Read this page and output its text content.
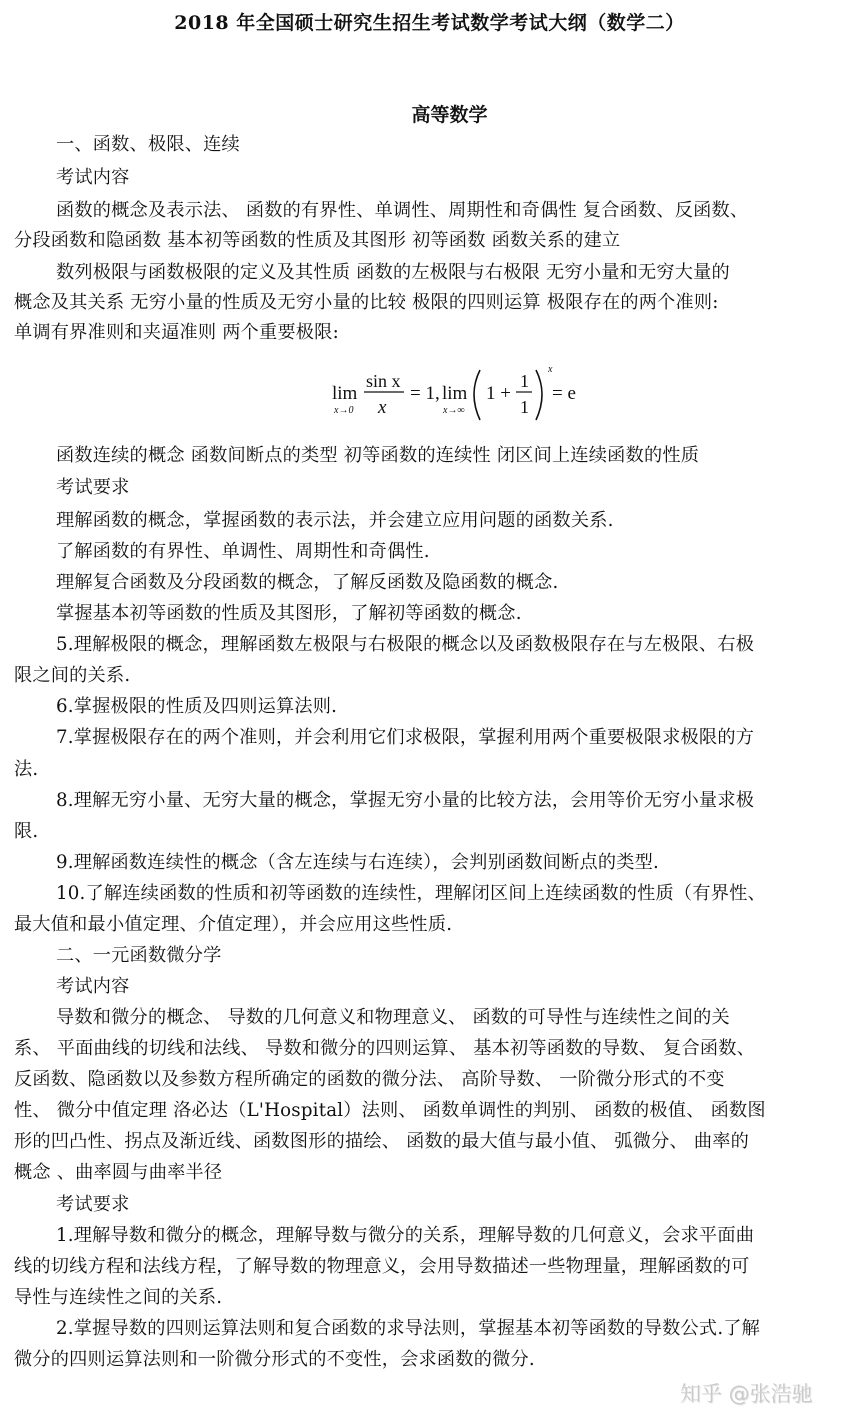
2018 年全国硕士研究生招生考试数学考试大纲（数学二）
高等数学
一、函数、极限、连续
考试内容
函数的概念及表示法、 函数的有界性、单调性、周期性和奇偶性 复合函数、反函数、
分段函数和隐函数 基本初等函数的性质及其图形 初等函数 函数关系的建立
数列极限与函数极限的定义及其性质 函数的左极限与右极限 无穷小量和无穷大量的
概念及其关系 无穷小量的性质及无穷小量的比较 极限的四则运算 极限存在的两个准则:
单调有界准则和夹逼准则 两个重要极限:
lim
x→0
sin x
x
= 1, lim
x→∞
1 +
1
1
x
= e
函数连续的概念 函数间断点的类型 初等函数的连续性 闭区间上连续函数的性质
考试要求
理解函数的概念，掌握函数的表示法，并会建立应用问题的函数关系.
了解函数的有界性、单调性、周期性和奇偶性.
理解复合函数及分段函数的概念，了解反函数及隐函数的概念.
掌握基本初等函数的性质及其图形，了解初等函数的概念.
5.理解极限的概念，理解函数左极限与右极限的概念以及函数极限存在与左极限、右极
限之间的关系.
6.掌握极限的性质及四则运算法则.
7.掌握极限存在的两个准则，并会利用它们求极限，掌握利用两个重要极限求极限的方
法.
8.理解无穷小量、无穷大量的概念，掌握无穷小量的比较方法，会用等价无穷小量求极
限.
9.理解函数连续性的概念（含左连续与右连续），会判别函数间断点的类型.
10.了解连续函数的性质和初等函数的连续性，理解闭区间上连续函数的性质（有界性、
最大值和最小值定理、介值定理），并会应用这些性质.
二、一元函数微分学
考试内容
导数和微分的概念、 导数的几何意义和物理意义、 函数的可导性与连续性之间的关
系、 平面曲线的切线和法线、 导数和微分的四则运算、 基本初等函数的导数、 复合函数、
反函数、隐函数以及参数方程所确定的函数的微分法、 高阶导数、 一阶微分形式的不变
性、 微分中值定理 洛必达（L'Hospital）法则、 函数单调性的判别、 函数的极值、 函数图
形的凹凸性、拐点及渐近线、函数图形的描绘、 函数的最大值与最小值、 弧微分、 曲率的
概念 、曲率圆与曲率半径
考试要求
1.理解导数和微分的概念，理解导数与微分的关系，理解导数的几何意义，会求平面曲
线的切线方程和法线方程，了解导数的物理意义，会用导数描述一些物理量，理解函数的可
导性与连续性之间的关系.
2.掌握导数的四则运算法则和复合函数的求导法则，掌握基本初等函数的导数公式.了解
微分的四则运算法则和一阶微分形式的不变性，会求函数的微分.
知乎 @张浩驰
